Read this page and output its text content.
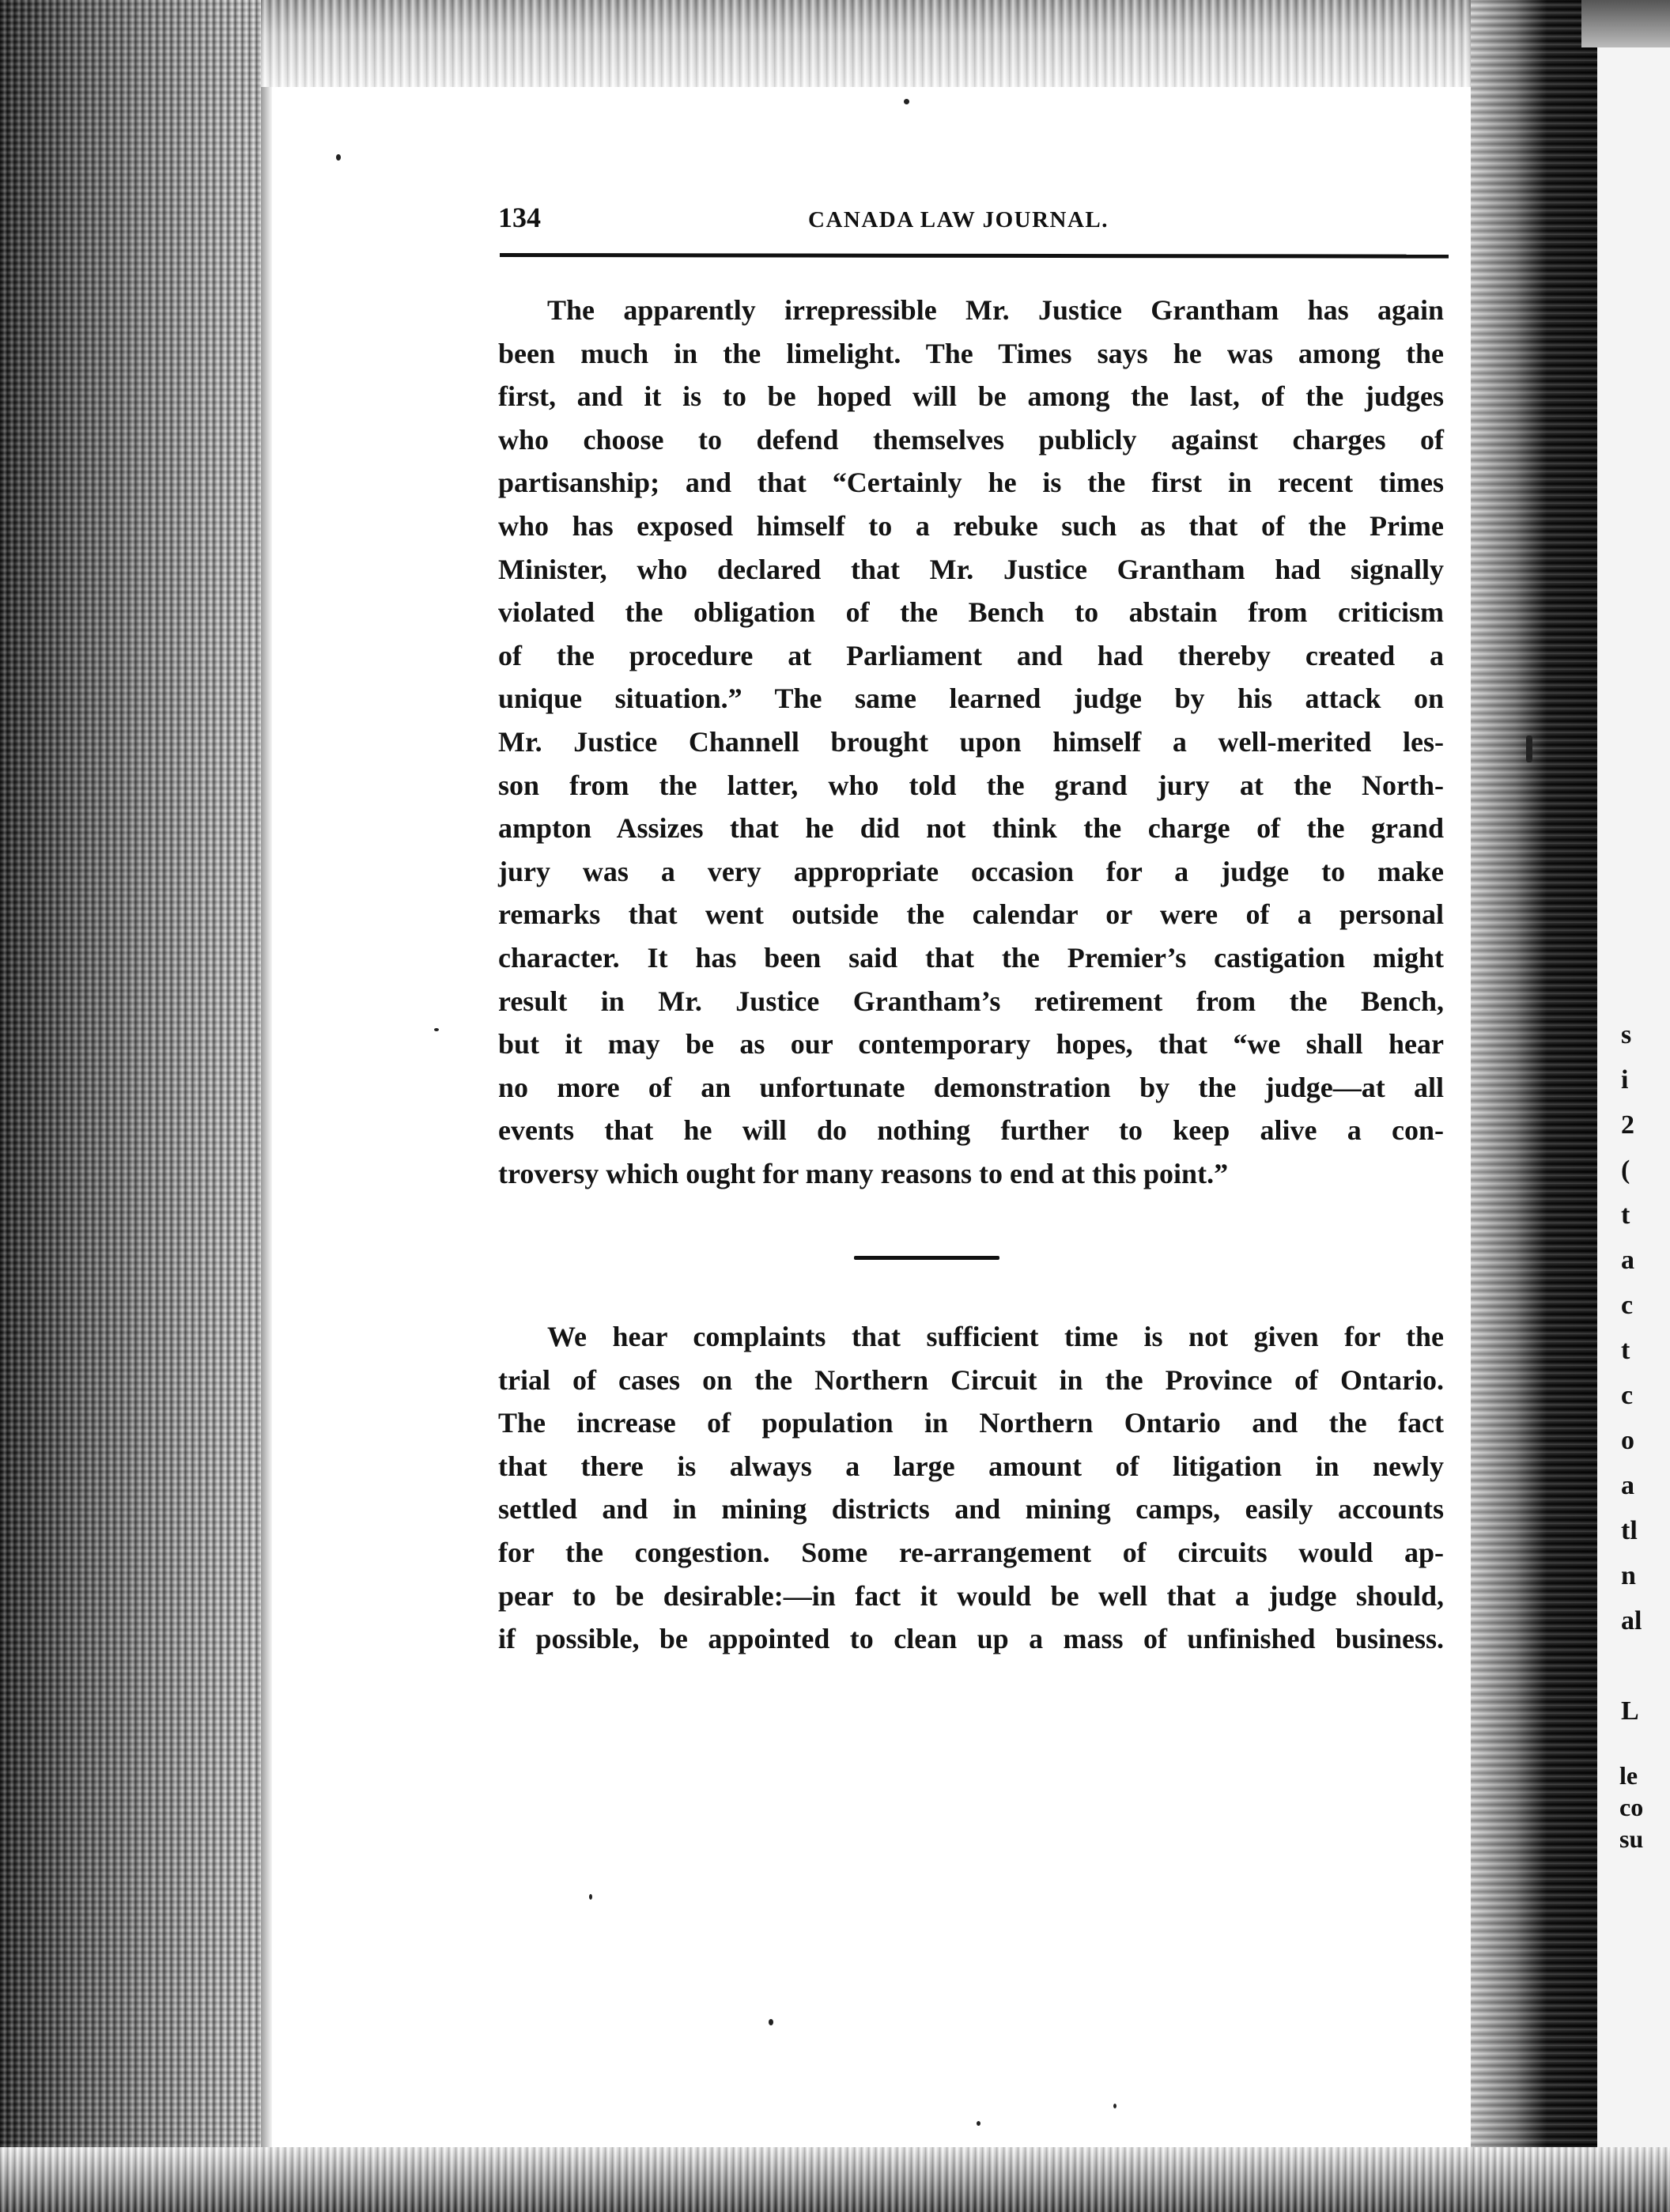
s
i
2
(
t
a
c
t
c
o
a
tl
n
al
L
le
co
su
134	CANADA LAW JOURNAL.
The apparently irrepressible Mr. Justice Grantham has again
been much in the limelight. The Times says he was among the
first, and it is to be hoped will be among the last, of the judges
who choose to defend themselves publicly against charges of
partisanship; and that “Certainly he is the first in recent times
who has exposed himself to a rebuke such as that of the Prime
Minister, who declared that Mr. Justice Grantham had signally
violated the obligation of the Bench to abstain from criticism
of the procedure at Parliament and had thereby created a
unique situation.” The same learned judge by his attack on
Mr. Justice Channell brought upon himself a well-merited les-
son from the latter, who told the grand jury at the North-
ampton Assizes that he did not think the charge of the grand
jury was a very appropriate occasion for a judge to make
remarks that went outside the calendar or were of a personal
character. It has been said that the Premier’s castigation might
result in Mr. Justice Grantham’s retirement from the Bench,
but it may be as our contemporary hopes, that “we shall hear
no more of an unfortunate demonstration by the judge—at all
events that he will do nothing further to keep alive a con-
troversy which ought for many reasons to end at this point.”
We hear complaints that sufficient time is not given for the
trial of cases on the Northern Circuit in the Province of Ontario.
The increase of population in Northern Ontario and the fact
that there is always a large amount of litigation in newly
settled and in mining districts and mining camps, easily accounts
for the congestion. Some re-arrangement of circuits would ap-
pear to be desirable:—in fact it would be well that a judge should,
if possible, be appointed to clean up a mass of unfinished business.
